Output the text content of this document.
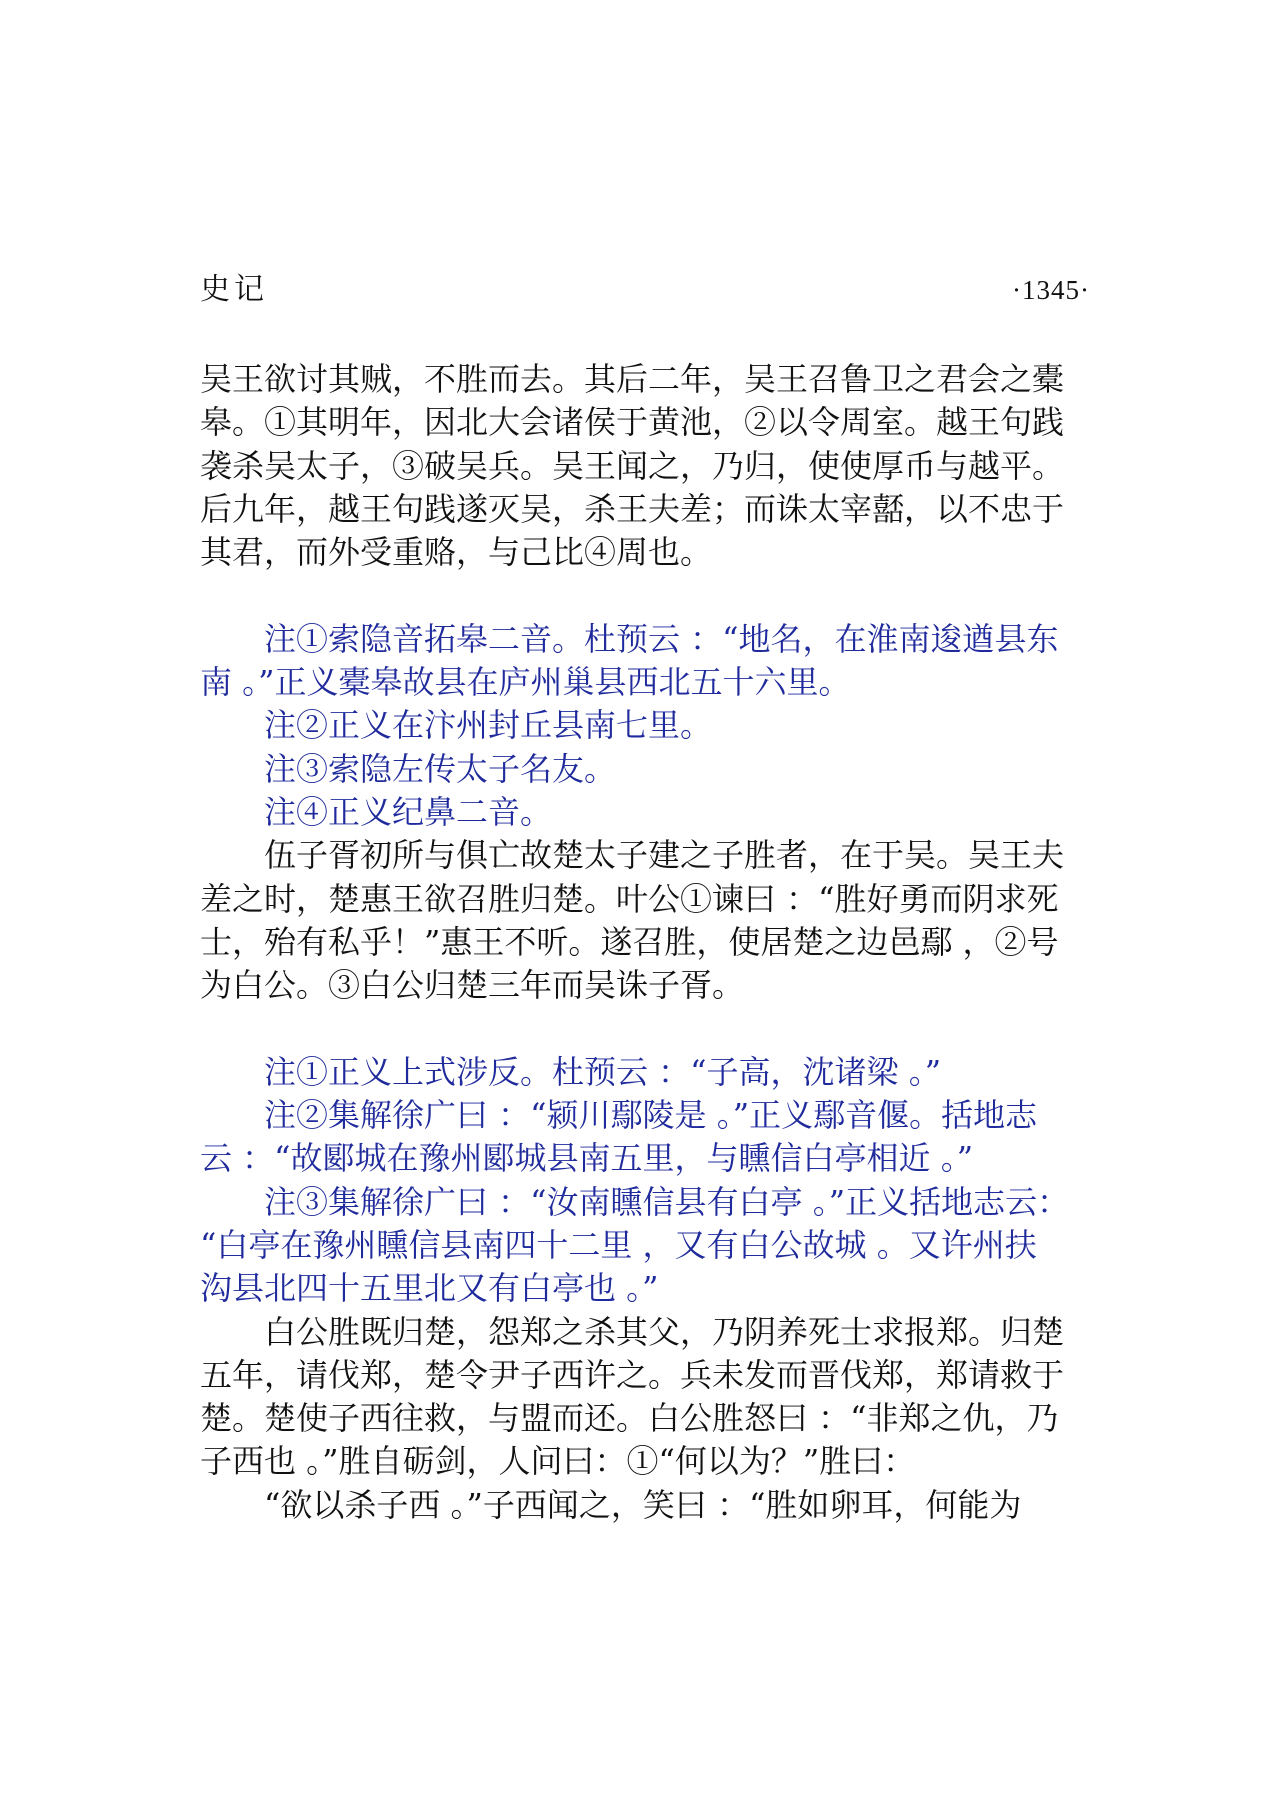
史记	·1345·
吴王欲讨其贼，不胜而去。其后二年，吴王召鲁卫之君会之橐
皋。①其明年，因北大会诸侯于黄池，②以令周室。越王句践
袭杀吴太子，③破吴兵。吴王闻之，乃归，使使厚币与越平。
后九年，越王句践遂灭吴，杀王夫差；而诛太宰嚭，以不忠于
其君，而外受重赂，与己比④周也。
注①索隐音拓皋二音。杜预云 ：“地名，在淮南逡遒县东
南 。”正义橐皋故县在庐州巢县西北五十六里。
注②正义在汴州封丘县南七里。
注③索隐左传太子名友。
注④正义纪鼻二音。
伍子胥初所与俱亡故楚太子建之子胜者，在于吴。吴王夫
差之时，楚惠王欲召胜归楚。叶公①谏曰 ：“胜好勇而阴求死
士，殆有私乎！”惠王不听。遂召胜，使居楚之边邑鄢 ，②号
为白公。③白公归楚三年而吴诛子胥。
注①正义上式涉反。杜预云 ：“子高，沈诸梁 。”
注②集解徐广曰 ：“颍川鄢陵是 。”正义鄢音偃。括地志
云 ：“故郾城在豫州郾城县南五里，与矄信白亭相近 。”
注③集解徐广曰 ：“汝南矄信县有白亭 。”正义括地志云：
“白亭在豫州矄信县南四十二里 ，又有白公故城 。又许州扶
沟县北四十五里北又有白亭也 。”
白公胜既归楚，怨郑之杀其父，乃阴养死士求报郑。归楚
五年，请伐郑，楚令尹子西许之。兵未发而晋伐郑，郑请救于
楚。楚使子西往救，与盟而还。白公胜怒曰 ：“非郑之仇，乃
子西也 。”胜自砺剑，人问曰：①“何以为？”胜曰：
“欲以杀子西 。”子西闻之，笑曰 ：“胜如卵耳，何能为
